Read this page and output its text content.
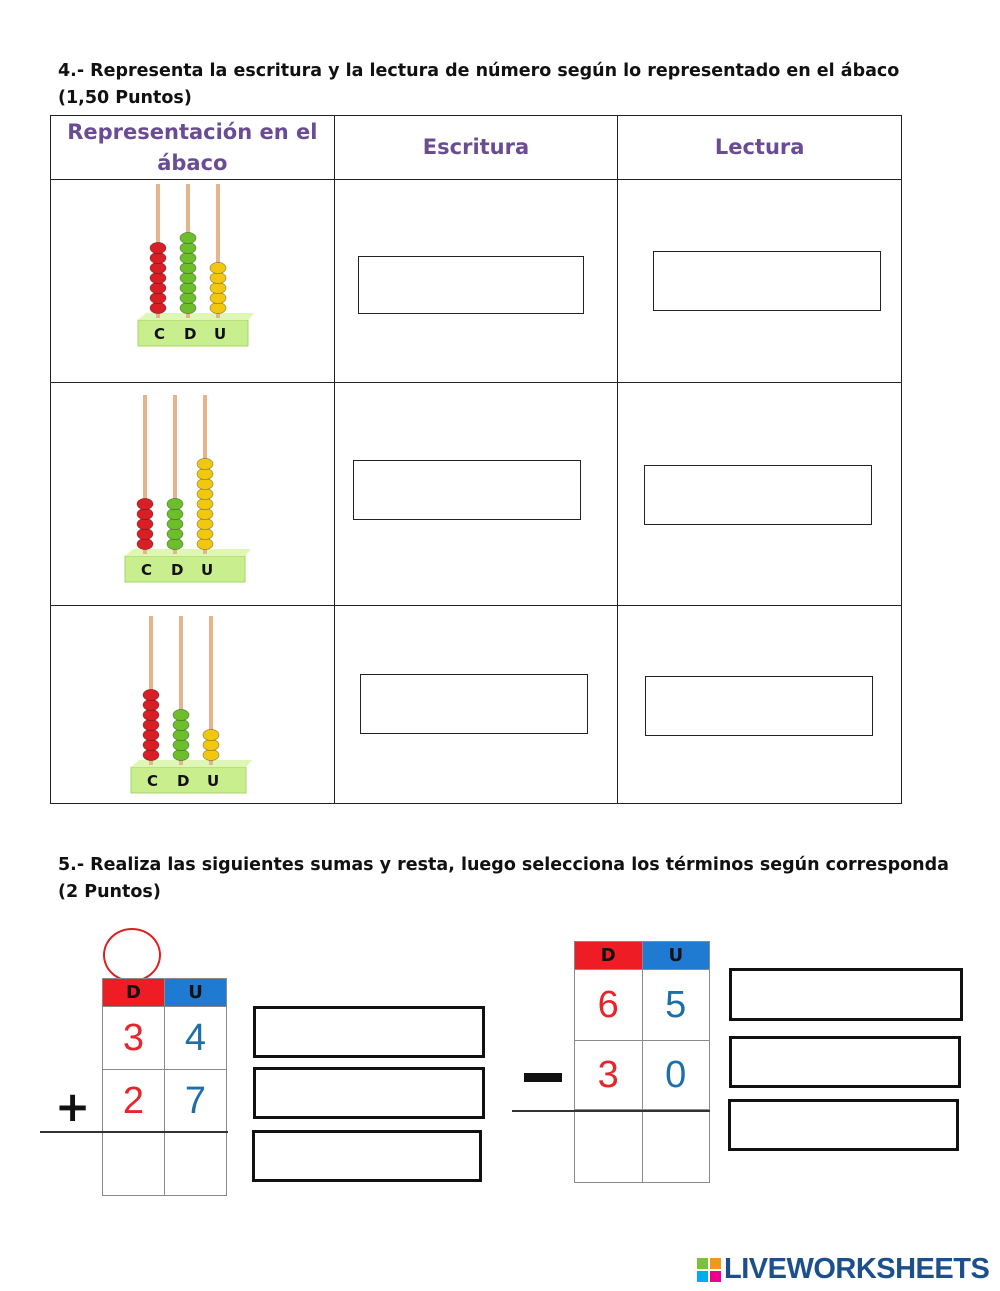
4.- Representa la escritura y la lectura de número según lo representado en el ábaco
(1,50 Puntos)
Representación en el ábaco	Escritura	Lectura

C D U		

C D U		

C D U		

5.- Realiza las siguientes sumas y resta, luego selecciona los términos según corresponda
(2 Puntos)
D	U
3	4
2	7

+
D	U
6	5
3	0

LIVEWORKSHEETS
